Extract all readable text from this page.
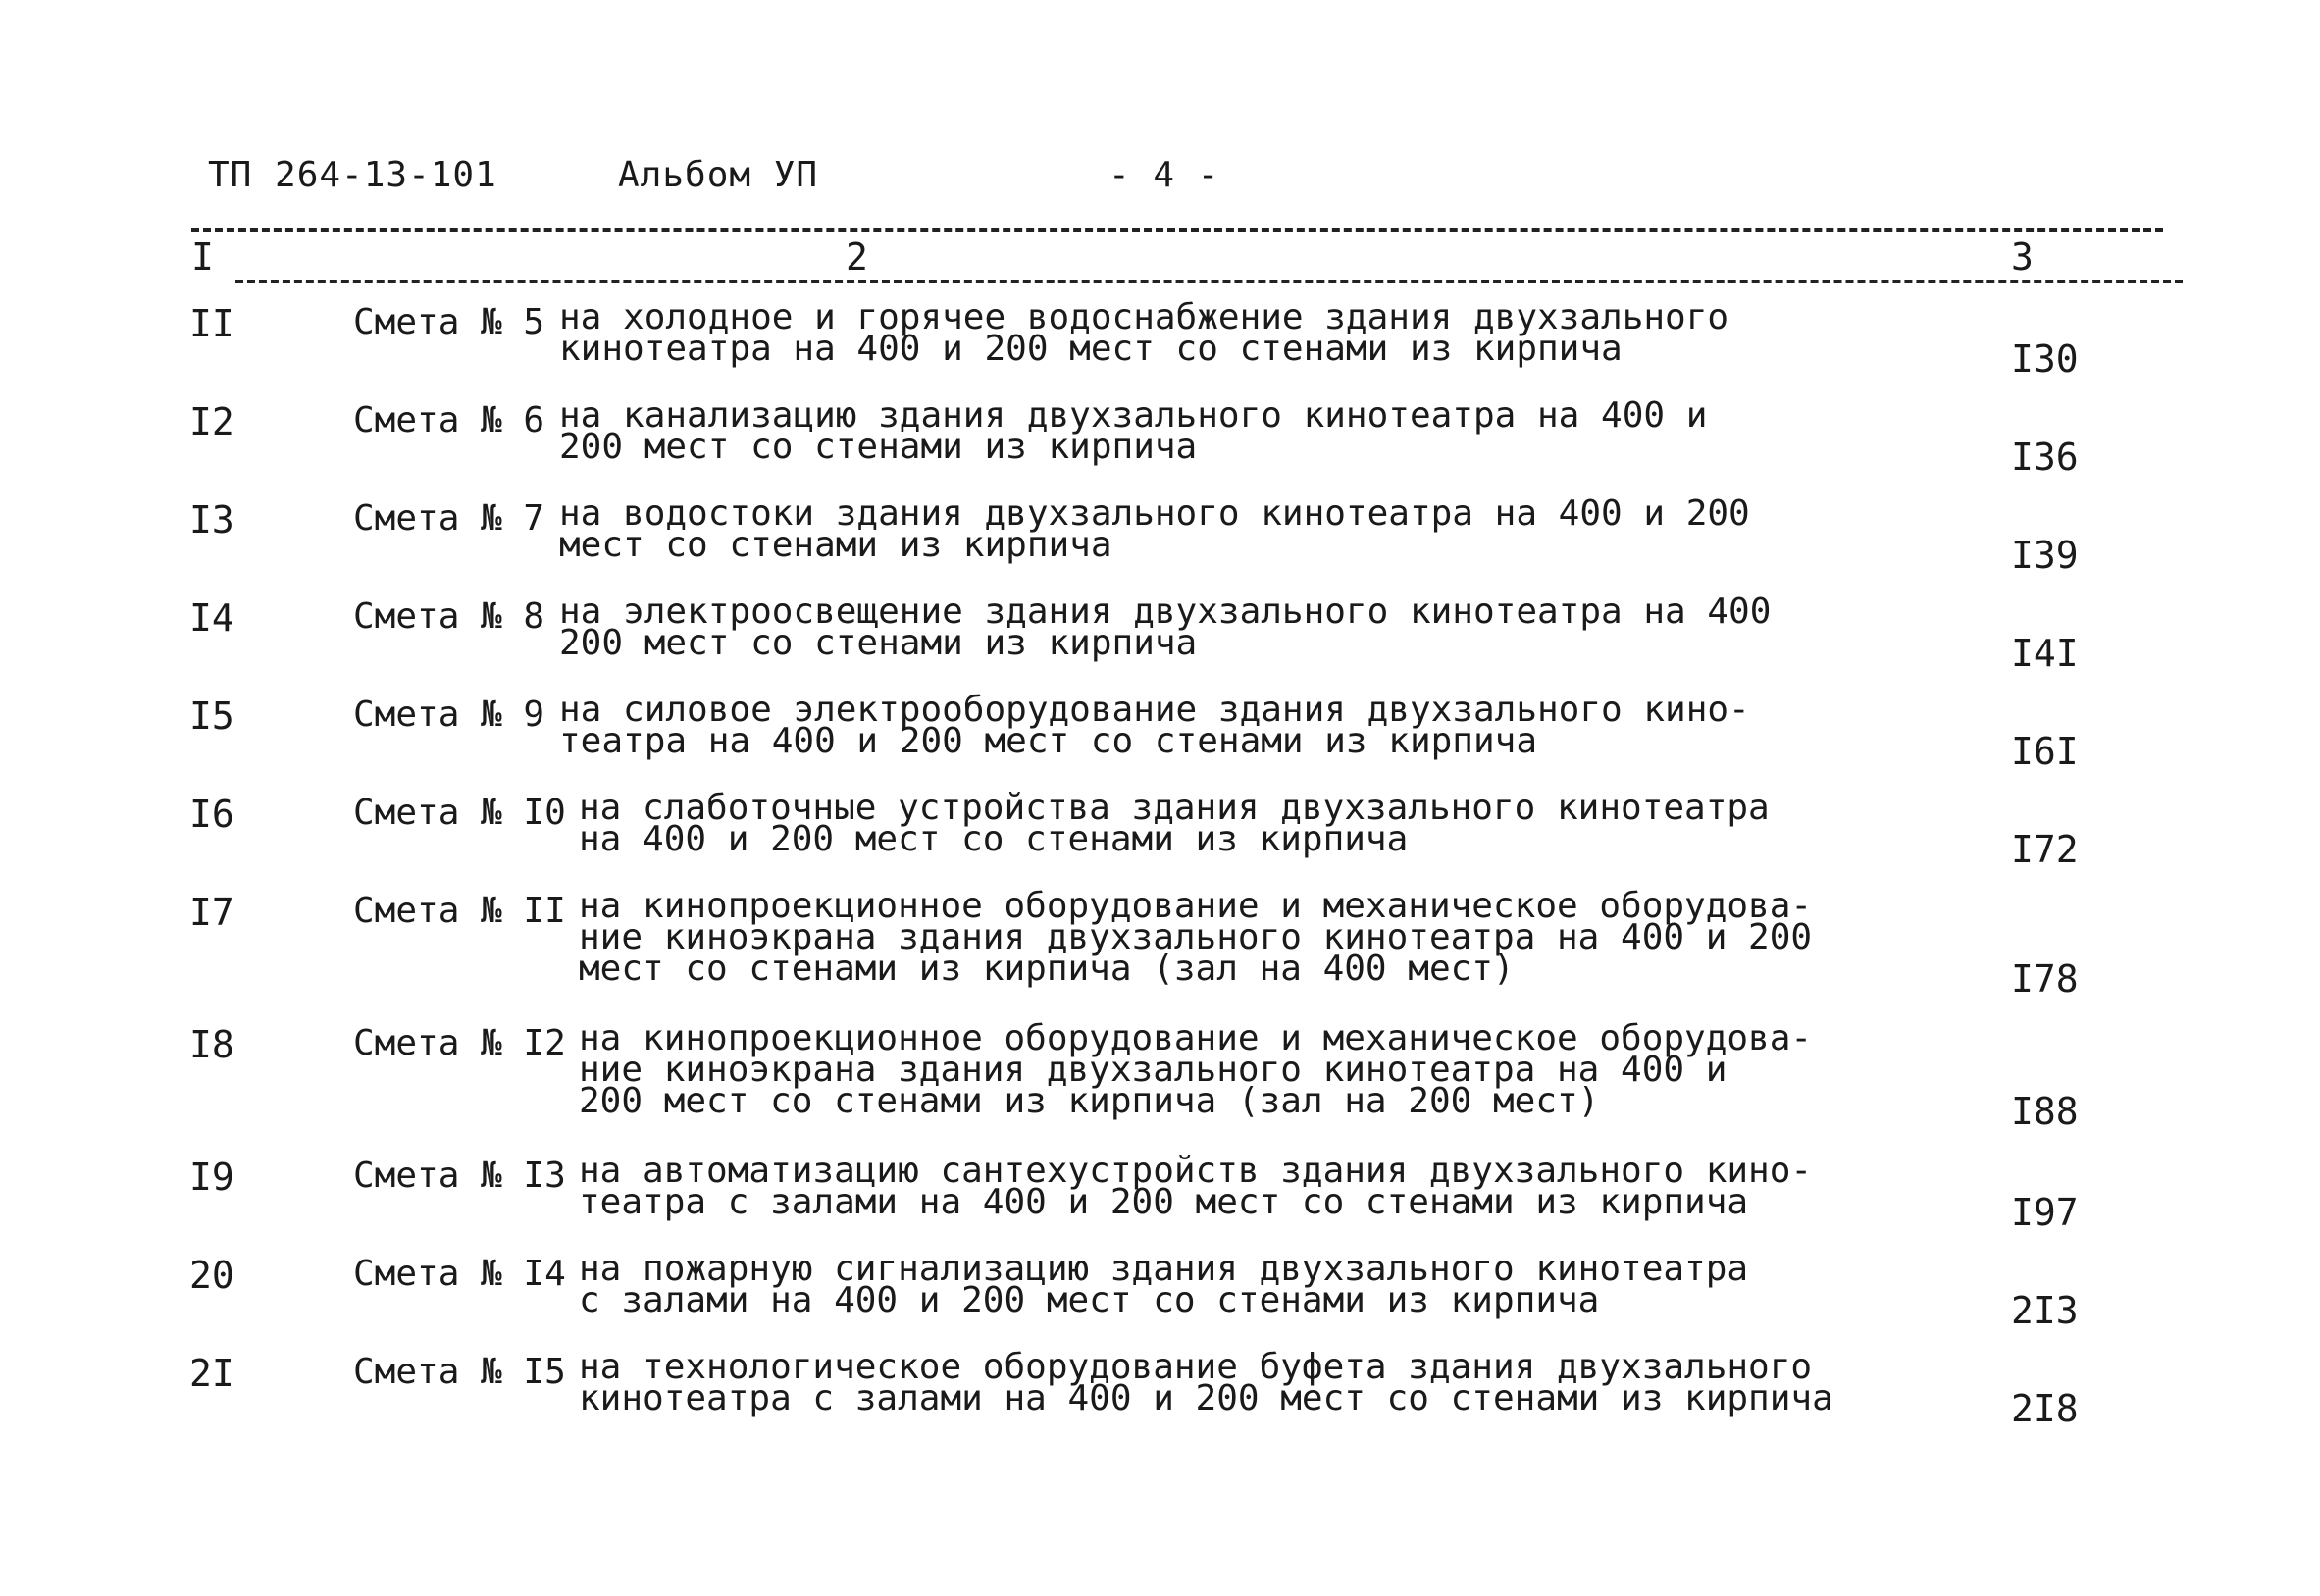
ТП 264-13-101	Альбом УП	- 4 -
I	2	3
II	Смета № 5 на холодное и горячее водоснабжение здания двухзального
кинотеатра на 400 и 200 мест со стенами из кирпича	I30
I2	Смета № 6 на канализацию здания двухзального кинотеатра на 400 и
200 мест со стенами из кирпича	I36
I3	Смета № 7 на водостоки здания двухзального кинотеатра на 400 и 200
мест со стенами из кирпича	I39
I4	Смета № 8 на электроосвещение здания двухзального кинотеатра на 400
200 мест со стенами из кирпича	I4I
I5	Смета № 9 на силовое электрооборудование здания двухзального кино-
театра на 400 и 200 мест со стенами из кирпича	I6I
I6	Смета № I0 на слаботочные устройства здания двухзального кинотеатра
на 400 и 200 мест со стенами из кирпича	I72
I7	Смета № II на кинопроекционное оборудование и механическое оборудова-
ние киноэкрана здания двухзального кинотеатра на 400 и 200
мест со стенами из кирпича (зал на 400 мест)	I78
I8	Смета № I2 на кинопроекционное оборудование и механическое оборудова-
ние киноэкрана здания двухзального кинотеатра на 400 и
200 мест со стенами из кирпича (зал на 200 мест)	I88
I9	Смета № I3 на автоматизацию сантехустройств здания двухзального кино-
театра с залами на 400 и 200 мест со стенами из кирпича	I97
20	Смета № I4 на пожарную сигнализацию здания двухзального кинотеатра
с залами на 400 и 200 мест со стенами из кирпича	2I3
2I	Смета № I5 на технологическое оборудование буфета здания двухзального
кинотеатра с залами на 400 и 200 мест со стенами из кирпича	2I8
